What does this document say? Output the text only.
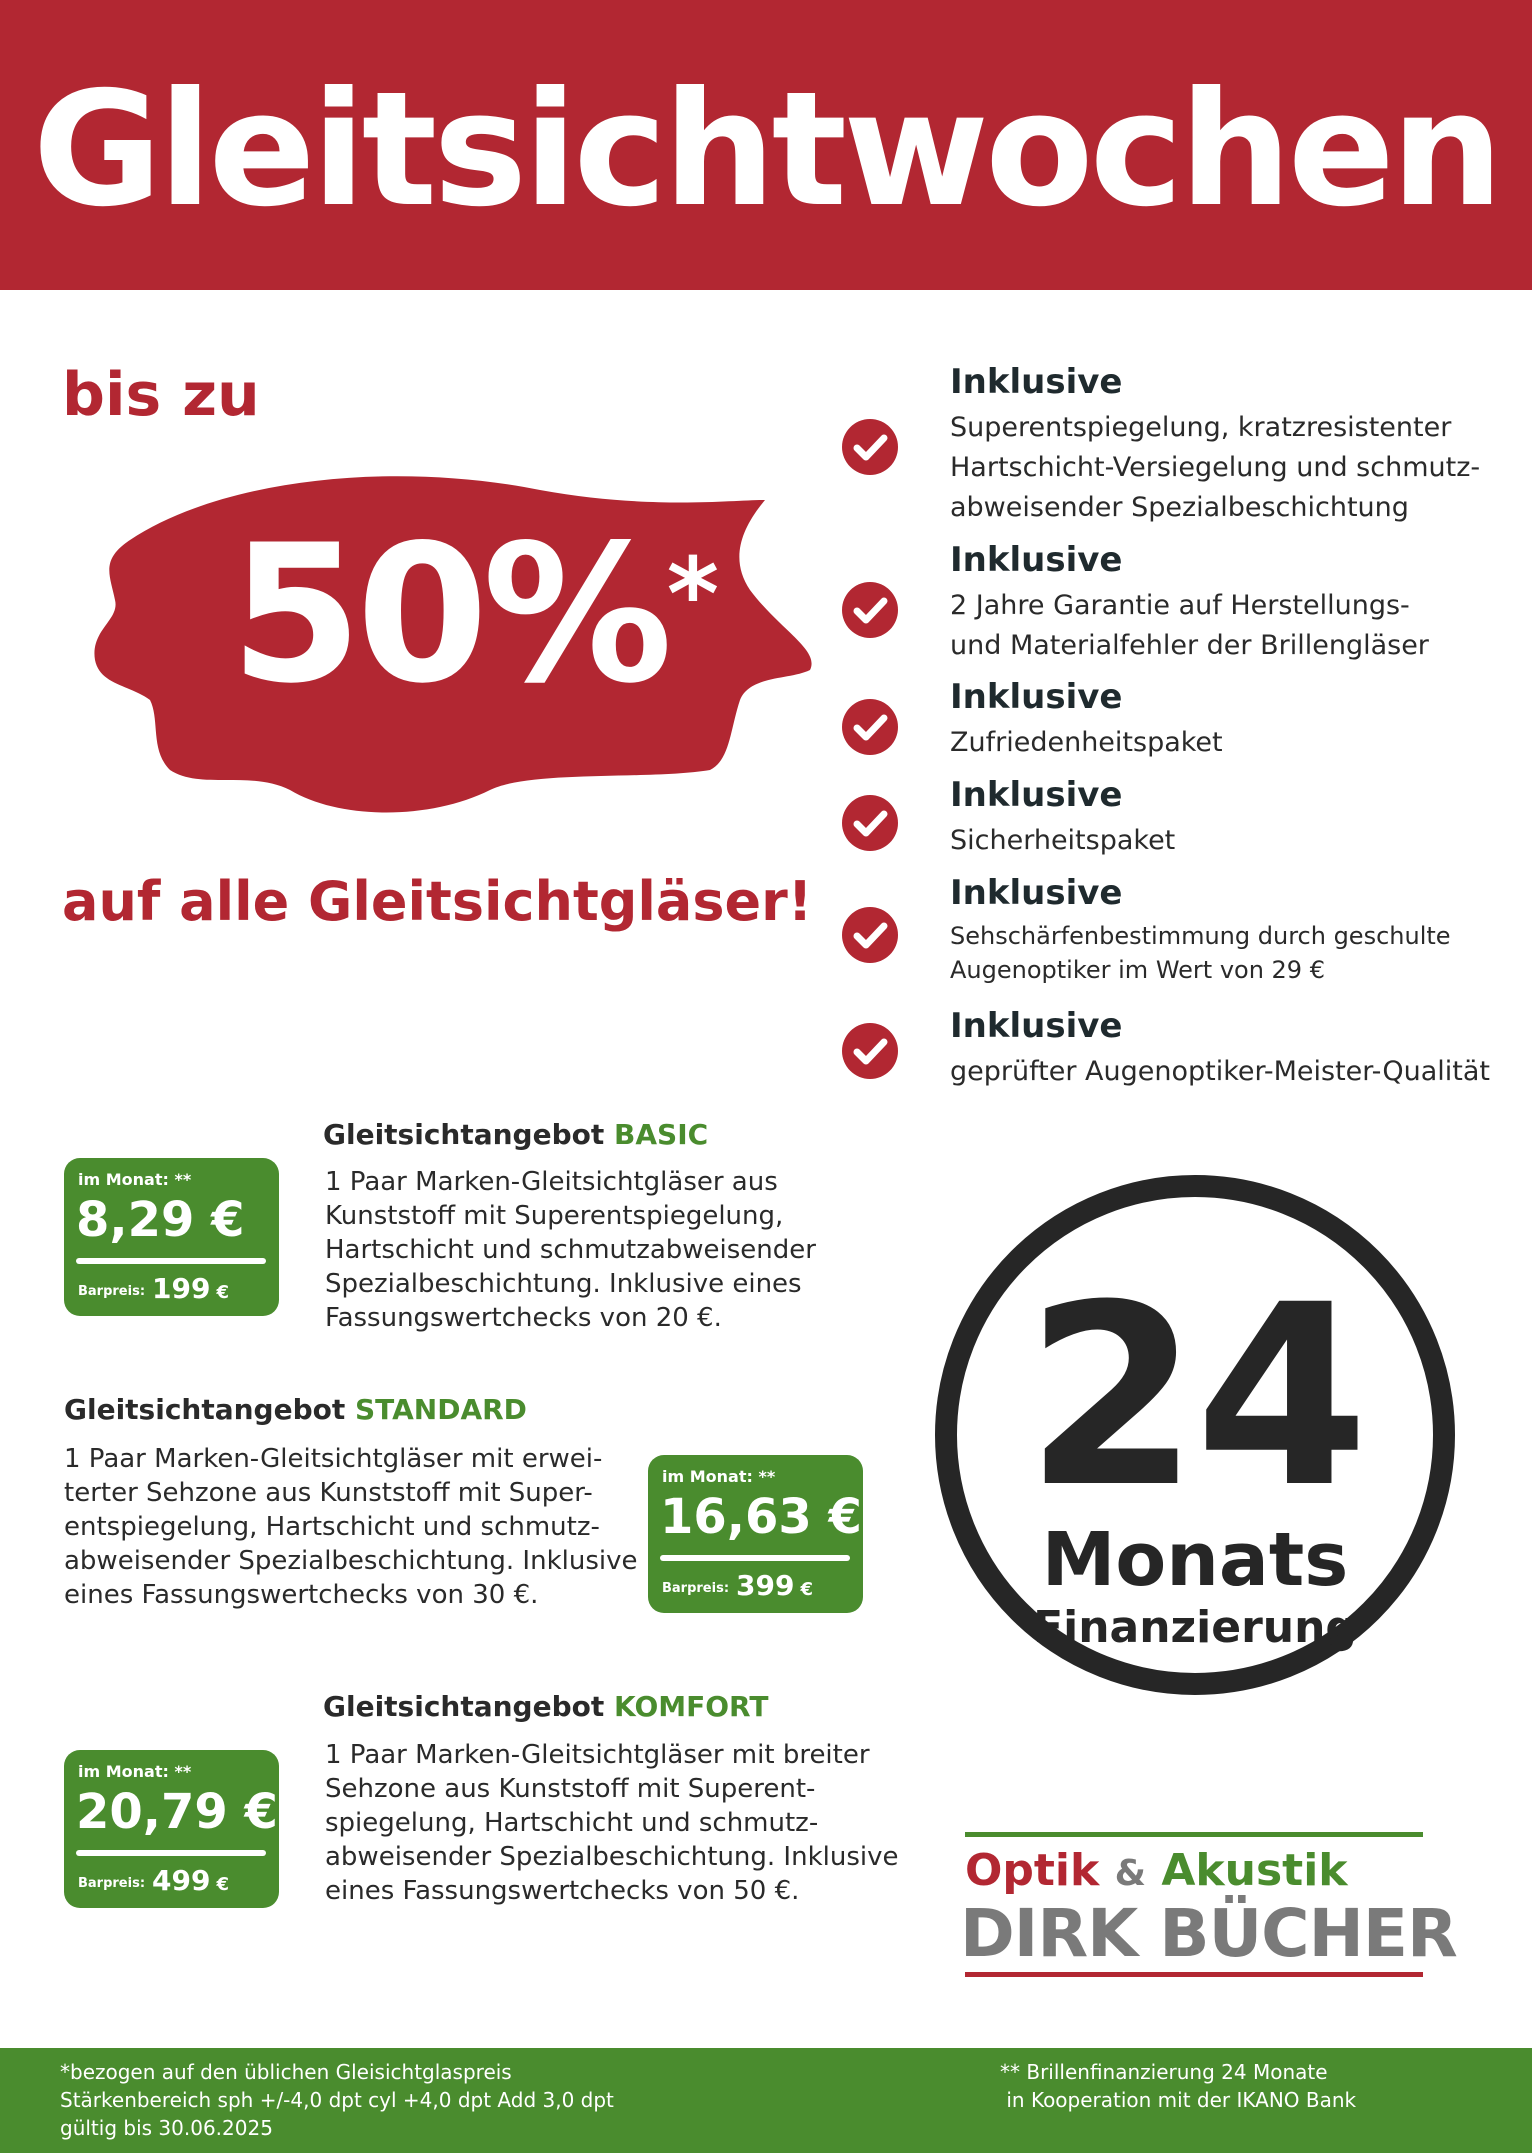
Gleitsichtwochen
bis zu
50%*
auf alle Gleitsichtgläser!
Inklusive
Superentspiegelung, kratzresistenter
Hartschicht-Versiegelung und schmutz-
abweisender Spezialbeschichtung
Inklusive
2 Jahre Garantie auf Herstellungs-
und Materialfehler der Brillengläser
Inklusive
Zufriedenheitspaket
Inklusive
Sicherheitspaket
Inklusive
Sehschärfenbestimmung durch geschulte
Augenoptiker im Wert von 29 €
Inklusive
geprüfter Augenoptiker-Meister-Qualität
Gleitsichtangebot BASIC
1 Paar Marken-Gleitsichtgläser aus
Kunststoff mit Superentspiegelung,
Hartschicht und schmutzabweisender
Spezialbeschichtung. Inklusive eines
Fassungswertchecks von 20 €.
im Monat: **
8,29 €
Barpreis: 199 €
Gleitsichtangebot STANDARD
1 Paar Marken-Gleitsichtgläser mit erwei-
terter Sehzone aus Kunststoff mit Super-
entspiegelung, Hartschicht und schmutz-
abweisender Spezialbeschichtung. Inklusive
eines Fassungswertchecks von 30 €.
im Monat: **
16,63 €
Barpreis: 399 €
Gleitsichtangebot KOMFORT
1 Paar Marken-Gleitsichtgläser mit breiter
Sehzone aus Kunststoff mit Superent-
spiegelung, Hartschicht und schmutz-
abweisender Spezialbeschichtung. Inklusive
eines Fassungswertchecks von 50 €.
im Monat: **
20,79 €
Barpreis: 499 €
24
Monats
Finanzierung
Optik & Akustik
DIRK BÜCHER
*bezogen auf den üblichen Gleisichtglaspreis
Stärkenbereich sph +/-4,0 dpt cyl +4,0 dpt Add 3,0 dpt
gültig bis 30.06.2025
** Brillenfinanzierung 24 Monate
in Kooperation mit der IKANO Bank
